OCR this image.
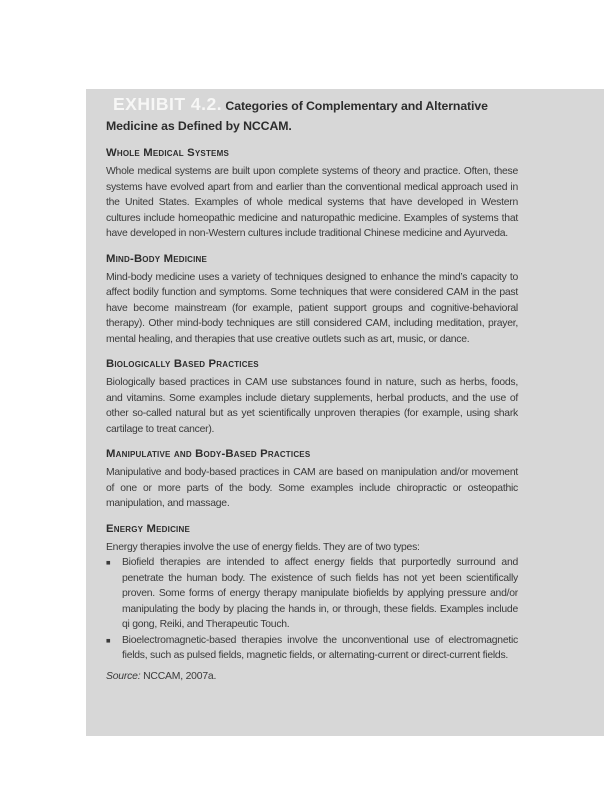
EXHIBIT 4.2. Categories of Complementary and Alternative Medicine as Defined by NCCAM.
Whole Medical Systems

Whole medical systems are built upon complete systems of theory and practice. Often, these systems have evolved apart from and earlier than the conventional medical approach used in the United States. Examples of whole medical systems that have developed in Western cultures include homeopathic medicine and naturopathic medicine. Examples of systems that have developed in non-Western cultures include traditional Chinese medicine and Ayurveda.

Mind-Body Medicine

Mind-body medicine uses a variety of techniques designed to enhance the mind’s capacity to affect bodily function and symptoms. Some techniques that were considered CAM in the past have become mainstream (for example, patient support groups and cognitive-behavioral therapy). Other mind-body techniques are still considered CAM, including meditation, prayer, mental healing, and therapies that use creative outlets such as art, music, or dance.

Biologically Based Practices

Biologically based practices in CAM use substances found in nature, such as herbs, foods, and vitamins. Some examples include dietary supplements, herbal products, and the use of other so-called natural but as yet scientifically unproven therapies (for example, using shark cartilage to treat cancer).

Manipulative and Body-Based Practices

Manipulative and body-based practices in CAM are based on manipulation and/or movement of one or more parts of the body. Some examples include chiropractic or osteopathic manipulation, and massage.

Energy Medicine

Energy therapies involve the use of energy fields. They are of two types:

■	Biofield therapies are intended to affect energy fields that purportedly surround and penetrate the human body. The existence of such fields has not yet been scientifically proven. Some forms of energy therapy manipulate biofields by applying pressure and/or manipulating the body by placing the hands in, or through, these fields. Examples include qi gong, Reiki, and Therapeutic Touch.
■	Bioelectromagnetic-based therapies involve the unconventional use of electromagnetic fields, such as pulsed fields, magnetic fields, or alternating-current or direct-current fields.
Source: NCCAM, 2007a.
